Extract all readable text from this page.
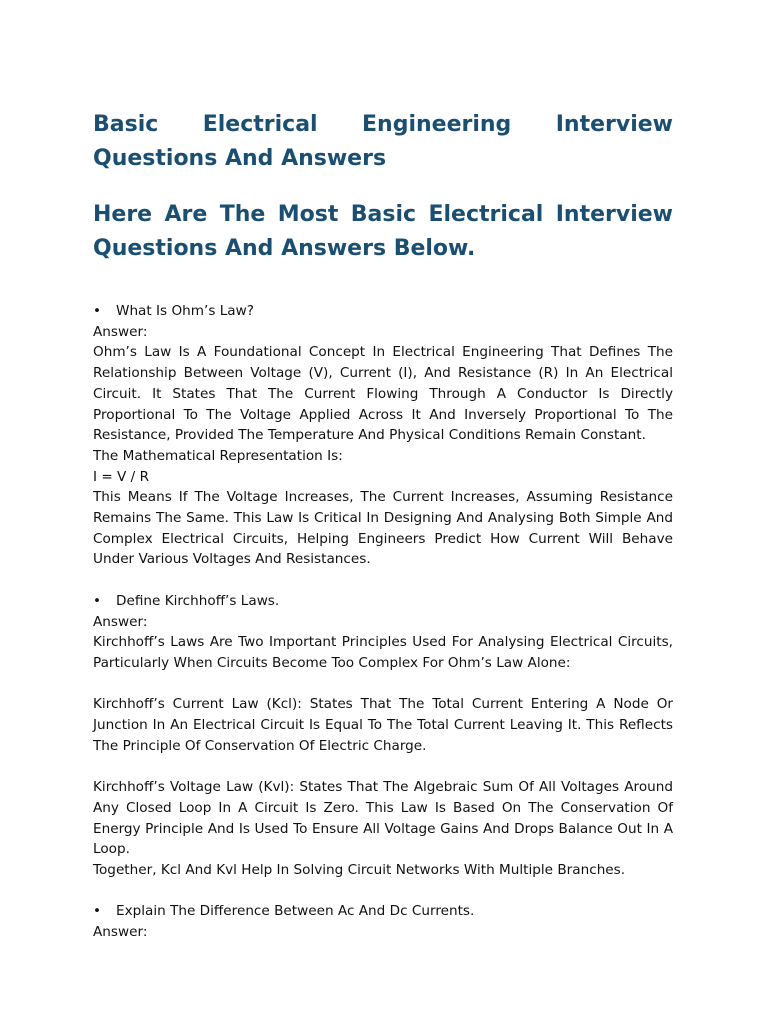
Basic Electrical Engineering Interview Questions And Answers
Here Are The Most Basic Electrical Interview Questions And Answers Below.

• What Is Ohm’s Law?

Answer:

Ohm’s Law Is A Foundational Concept In Electrical Engineering That Defines The Relationship Between Voltage (V), Current (I), And Resistance (R) In An Electrical Circuit. It States That The Current Flowing Through A Conductor Is Directly Proportional To The Voltage Applied Across It And Inversely Proportional To The Resistance, Provided The Temperature And Physical Conditions Remain Constant.

The Mathematical Representation Is:

I = V / R

This Means If The Voltage Increases, The Current Increases, Assuming Resistance Remains The Same. This Law Is Critical In Designing And Analysing Both Simple And Complex Electrical Circuits, Helping Engineers Predict How Current Will Behave Under Various Voltages And Resistances.

• Define Kirchhoff’s Laws.

Answer:

Kirchhoff’s Laws Are Two Important Principles Used For Analysing Electrical Circuits, Particularly When Circuits Become Too Complex For Ohm’s Law Alone:

Kirchhoff’s Current Law (Kcl): States That The Total Current Entering A Node Or Junction In An Electrical Circuit Is Equal To The Total Current Leaving It. This Reflects The Principle Of Conservation Of Electric Charge.

Kirchhoff’s Voltage Law (Kvl): States That The Algebraic Sum Of All Voltages Around Any Closed Loop In A Circuit Is Zero. This Law Is Based On The Conservation Of Energy Principle And Is Used To Ensure All Voltage Gains And Drops Balance Out In A Loop.

Together, Kcl And Kvl Help In Solving Circuit Networks With Multiple Branches.

• Explain The Difference Between Ac And Dc Currents.

Answer:
